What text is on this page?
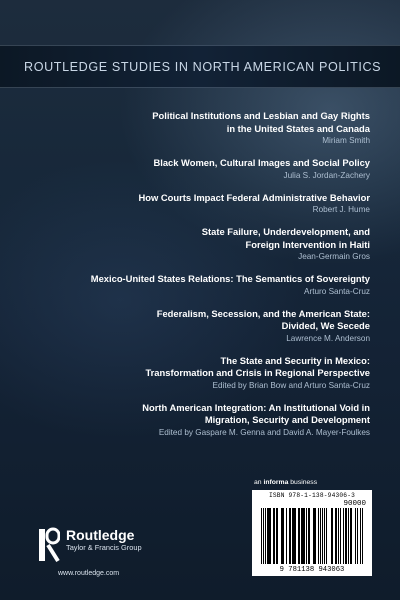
ROUTLEDGE STUDIES IN NORTH AMERICAN POLITICS
Political Institutions and Lesbian and Gay Rights
in the United States and Canada
Miriam Smith
Black Women, Cultural Images and Social Policy
Julia S. Jordan-Zachery
How Courts Impact Federal Administrative Behavior
Robert J. Hume
State Failure, Underdevelopment, and
Foreign Intervention in Haiti
Jean-Germain Gros
Mexico-United States Relations: The Semantics of Sovereignty
Arturo Santa-Cruz
Federalism, Secession, and the American State:
Divided, We Secede
Lawrence M. Anderson
The State and Security in Mexico:
Transformation and Crisis in Regional Perspective
Edited by Brian Bow and Arturo Santa-Cruz
North American Integration: An Institutional Void in
Migration, Security and Development
Edited by Gaspare M. Genna and David A. Mayer-Foulkes
an informa business
ISBN 978-1-138-94306-3
90000
9 781138 943063
Routledge
Taylor & Francis Group
www.routledge.com
